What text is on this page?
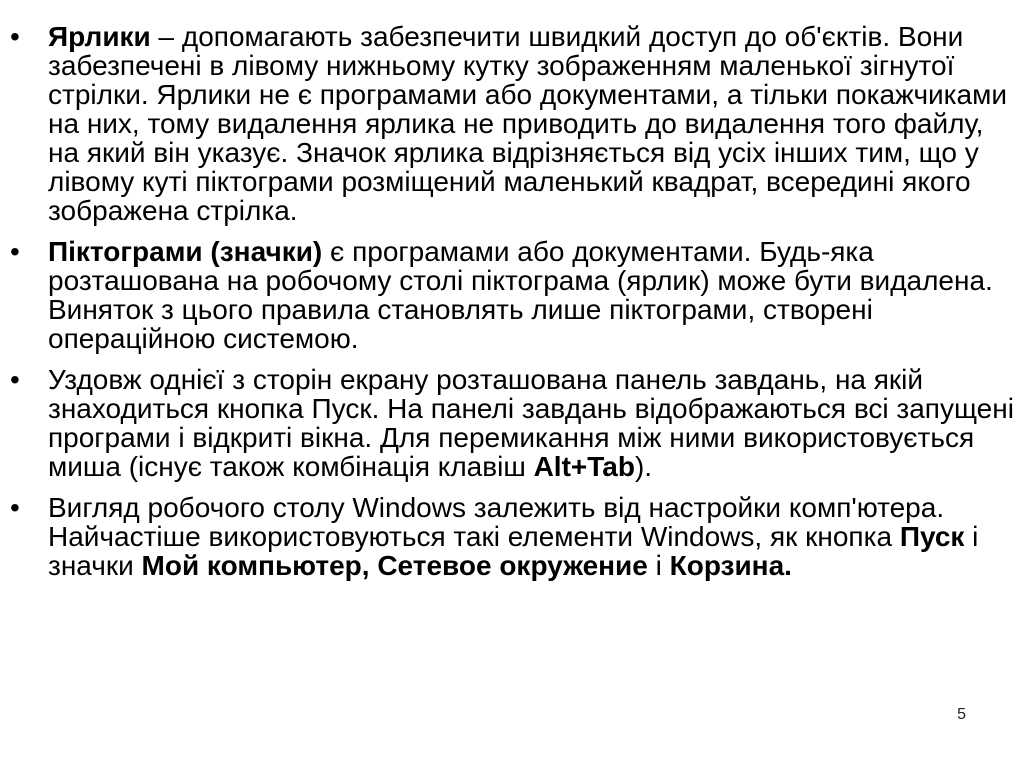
•	Ярлики – допомагають забезпечити швидкий доступ до об'єктів. Вони забезпечені в лівому нижньому кутку зображенням маленької зігнутої стрілки. Ярлики не є програмами або документами, а тільки покажчиками на них, тому видалення ярлика не приводить до видалення того файлу, на який він указує. Значок ярлика відрізняється від усіх інших тим, що у лівому куті піктограми розміщений маленький квадрат, всередині якого зображена стрілка.
•	Піктограми (значки) є програмами або документами. Будь-яка розташована на робочому столі піктограма (ярлик) може бути видалена. Виняток з цього правила становлять лише піктограми, створені операційною системою.
•	Уздовж однієї з сторін екрану розташована панель завдань, на якій знаходиться кнопка Пуск. На панелі завдань відображаються всі запущені програми і відкриті вікна. Для перемикання між ними використовується миша (існує також комбінація клавіш Alt+Tab).
•	Вигляд робочого столу Windows залежить від настройки комп'ютера. Найчастіше використовуються такі елементи Windows, як кнопка Пуск і значки Мой компьютер, Сетевое окружение і Корзина.
5
